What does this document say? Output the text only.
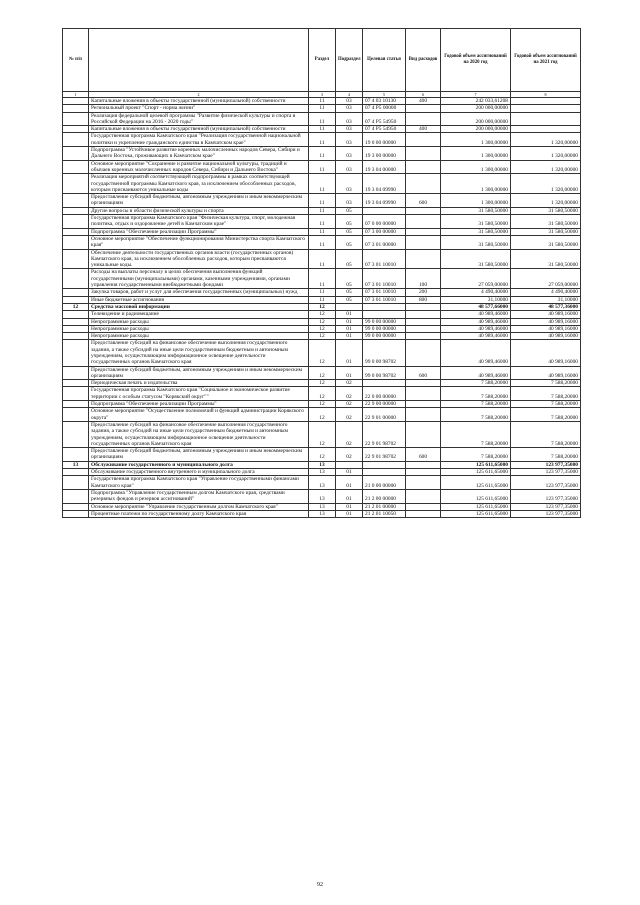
№ п/п		Раздел	Подраздел	Целевая статья	Вид расходов	Годовой объем ассигнований на 2020 год	Годовой объем ассигнований на 2021 год
1	2	3	4	5	6	7	8
	Капитальные вложения в объекты государственной (муниципальной) собственности	11	03	07 4 03 10130	400	242 033,61208	
	Региональный проект "Спорт - норма жизни"	11	03	07 4 P5 00000		200 000,00000	
	Реализация федеральной целевой программы "Развитие физической культуры и спорта в Российской Федерации на 2016 - 2020 годы"	11	03	07 4 P5 54950		200 000,00000	
	Капитальные вложения в объекты государственной (муниципальной) собственности	11	03	07 4 P5 54950	400	200 000,00000	
	Государственная программа Камчатского края "Реализация государственной национальной политики и укрепление гражданского единства в Камчатском крае"	11	03	19 0 00 00000		1 300,00000	1 320,00000
	Подпрограмма "Устойчивое развитие коренных малочисленных народов Севера, Сибири и Дальнего Востока, проживающих в Камчатском крае"	11	03	19 3 00 00000		1 300,00000	1 320,00000
	Основное мероприятие "Сохранение и развитие национальной культуры, традиций и обычаев коренных малочисленных народов Севера, Сибири и Дальнего Востока"	11	03	19 3 04 00000		1 300,00000	1 320,00000
	Реализация мероприятий соответствующей подпрограммы в рамках соответствующей государственной программы Камчатского края, за исключением обособленных расходов, которым присваиваются уникальные коды	11	03	19 3 04 09990		1 300,00000	1 320,00000
	Предоставление субсидий бюджетным, автономным учреждениям и иным некоммерческим организациям	11	03	19 3 04 09990	600	1 300,00000	1 320,00000
	Другие вопросы в области физической культуры и спорта	11	05			31 580,50000	31 580,50000
	Государственная программа Камчатского края "Физическая культура, спорт, молодежная политика, отдых и оздоровление детей в Камчатском крае"	11	05	07 0 00 00000		31 580,50000	31 580,50000
	Подпрограмма "Обеспечение реализации Программы"	11	05	07 3 00 00000		31 580,50000	31 580,50000
	Основное мероприятие "Обеспечение функционирования Министерства спорта Камчатского края"	11	05	07 3 01 00000		31 580,50000	31 580,50000
	Обеспечение деятельности государственных органов власти (государственных органов) Камчатского края, за исключением обособленных расходов, которым присваиваются уникальные коды.	11	05	07 3 01 10010		31 580,50000	31 580,50000
	Расходы на выплаты персоналу в целях обеспечения выполнения функций государственными (муниципальными) органами, казенными учреждениями, органами управления государственными внебюджетными фондами	11	05	07 3 01 10010	100	27 059,00000	27 059,00000
	Закупка товаров, работ и услуг для обеспечения государственных (муниципальных) нужд	11	05	07 3 01 10010	200	4 490,40000	4 490,40000
	Иные бюджетные ассигнования	11	05	07 3 01 10010	800	31,10000	31,10000
12	Средства массовой информации	12				48 577,66000	48 577,36000
	Телевидение и радиовещание	12	01			40 989,46000	40 989,16000
	Непрограммные расходы	12	01	99 0 00 00000		40 989,46000	40 989,16000
	Непрограммные расходы	12	01	99 0 00 00000		40 989,46000	40 989,16000
	Непрограммные расходы	12	01	99 0 00 00000		40 989,46000	40 989,16000
	Предоставление субсидий на финансовое обеспечение выполнения государственного задания, а также субсидий на иные цели государственным бюджетным и автономным учреждениям, осуществляющим информационное освещение деятельности государственных органов Камчатского края	12	01	99 0 00 98702		40 989,46000	40 989,16000
	Предоставление субсидий бюджетным, автономным учреждениям и иным некоммерческим организациям	12	01	99 0 00 98702	600	40 989,46000	40 989,16000
	Периодическая печать и издательства	12	02			7 588,20000	7 588,20000
	Государственная программа Камчатского края "Социальное и экономическое развитие территории с особым статусом "Корякский округ""	12	02	22 0 00 00000		7 588,20000	7 588,20000
	Подпрограмма "Обеспечение реализации Программы"	12	02	22 9 00 00000		7 588,20000	7 588,20000
	Основное мероприятие "Осуществление полномочий и функций администрации Корякского округа"	12	02	22 9 01 00000		7 588,20000	7 588,20000
	Предоставление субсидий на финансовое обеспечение выполнения государственного задания, а также субсидий на иные цели государственным бюджетным и автономным учреждениям, осуществляющим информационное освещение деятельности государственных органов Камчатского края	12	02	22 9 01 98702		7 588,20000	7 588,20000
	Предоставление субсидий бюджетным, автономным учреждениям и иным некоммерческим организациям	12	02	22 9 01 98702	600	7 588,20000	7 588,20000
13	Обслуживание государственного и муниципального долга	13				125 611,65000	123 977,35000
	Обслуживание государственного внутреннего и муниципального долга	13	01			125 611,65000	123 977,35000
	Государственная программа Камчатского края "Управление государственными финансами Камчатского края"	13	01	21 0 00 00000		125 611,65000	123 977,35000
	Подпрограмма "Управление государственным долгом Камчатского края, средствами резервных фондов и резервов ассигнований"	13	01	21 2 00 00000		125 611,65000	123 977,35000
	Основное мероприятие "Управление государственным долгом Камчатского края"	13	01	21 2 01 00000		125 611,65000	123 977,35000
	Процентные платежи по государственному долгу Камчатского края	13	01	21 2 01 10050		125 611,65000	123 977,35000
92
